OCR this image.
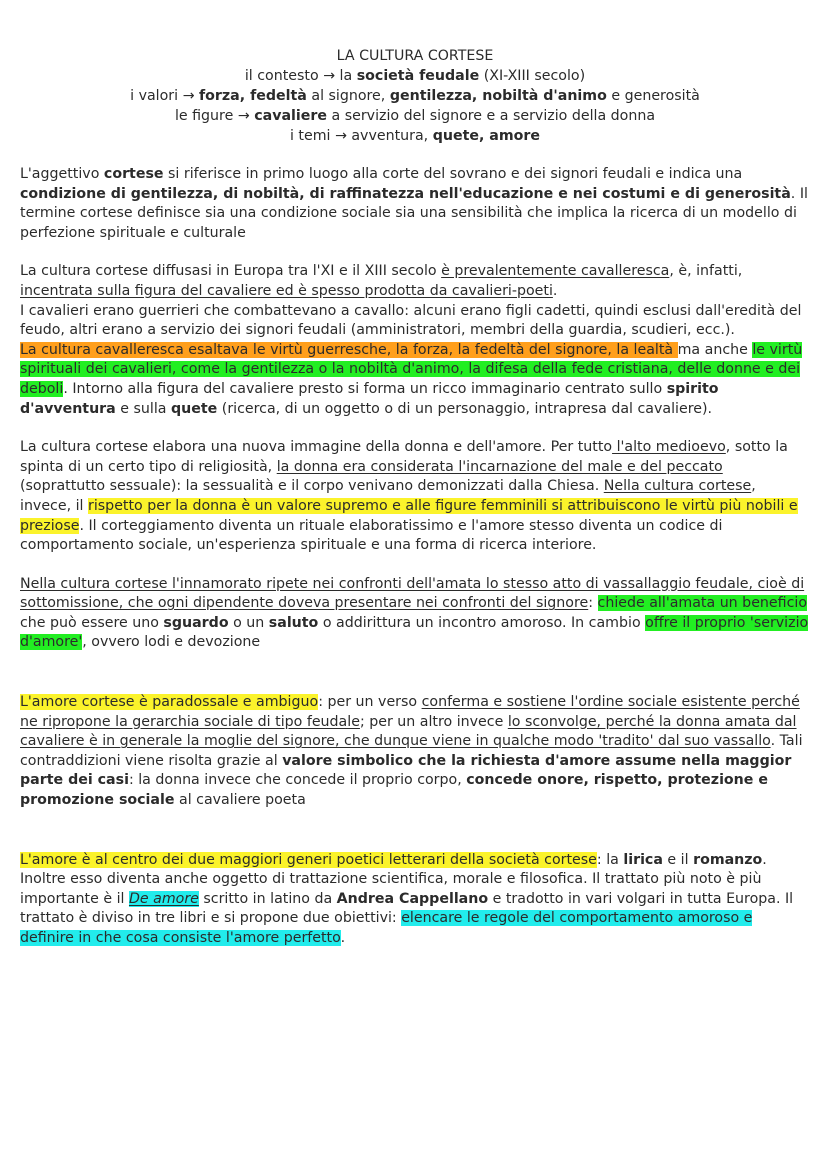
LA CULTURA CORTESE

il contesto → la società feudale (XI-XIII secolo)

i valori → forza, fedeltà al signore, gentilezza, nobiltà d'animo e generosità

le figure → cavaliere a servizio del signore e a servizio della donna

i temi → avventura, quete, amore

L'aggettivo cortese si riferisce in primo luogo alla corte del sovrano e dei signori feudali e indica una condizione di gentilezza, di nobiltà, di raffinatezza nell'educazione e nei costumi e di generosità. Il termine cortese definisce sia una condizione sociale sia una sensibilità che implica la ricerca di un modello di perfezione spirituale e culturale

La cultura cortese diffusasi in Europa tra l'XI e il XIII secolo è prevalentemente cavalleresca, è, infatti, incentrata sulla figura del cavaliere ed è spesso prodotta da cavalieri-poeti.

I cavalieri erano guerrieri che combattevano a cavallo: alcuni erano figli cadetti, quindi esclusi dall'eredità del feudo, altri erano a servizio dei signori feudali (amministratori, membri della guardia, scudieri, ecc.).

La cultura cavalleresca esaltava le virtù guerresche, la forza, la fedeltà del signore, la lealtà ma anche le virtù spirituali dei cavalieri, come la gentilezza o la nobiltà d'animo, la difesa della fede cristiana, delle donne e dei deboli. Intorno alla figura del cavaliere presto si forma un ricco immaginario centrato sullo spirito d'avventura e sulla quete (ricerca, di un oggetto o di un personaggio, intrapresa dal cavaliere).

La cultura cortese elabora una nuova immagine della donna e dell'amore. Per tutto l'alto medioevo, sotto la spinta di un certo tipo di religiosità, la donna era considerata l'incarnazione del male e del peccato (soprattutto sessuale): la sessualità e il corpo venivano demonizzati dalla Chiesa. Nella cultura cortese, invece, il rispetto per la donna è un valore supremo e alle figure femminili si attribuiscono le virtù più nobili e preziose. Il corteggiamento diventa un rituale elaboratissimo e l'amore stesso diventa un codice di comportamento sociale, un'esperienza spirituale e una forma di ricerca interiore.

Nella cultura cortese l'innamorato ripete nei confronti dell'amata lo stesso atto di vassallaggio feudale, cioè di sottomissione, che ogni dipendente doveva presentare nei confronti del signore: chiede all'amata un beneficio che può essere uno sguardo o un saluto o addirittura un incontro amoroso. In cambio offre il proprio 'servizio d'amore', ovvero lodi e devozione

L'amore cortese è paradossale e ambiguo: per un verso conferma e sostiene l'ordine sociale esistente perché ne ripropone la gerarchia sociale di tipo feudale; per un altro invece lo sconvolge, perché la donna amata dal cavaliere è in generale la moglie del signore, che dunque viene in qualche modo 'tradito' dal suo vassallo. Tali contraddizioni viene risolta grazie al valore simbolico che la richiesta d'amore assume nella maggior parte dei casi: la donna invece che concede il proprio corpo, concede onore, rispetto, protezione e promozione sociale al cavaliere poeta

L'amore è al centro dei due maggiori generi poetici letterari della società cortese: la lirica e il romanzo. Inoltre esso diventa anche oggetto di trattazione scientifica, morale e filosofica. Il trattato più noto è più importante è il De amore scritto in latino da Andrea Cappellano e tradotto in vari volgari in tutta Europa. Il trattato è diviso in tre libri e si propone due obiettivi: elencare le regole del comportamento amoroso e definire in che cosa consiste l'amore perfetto.
